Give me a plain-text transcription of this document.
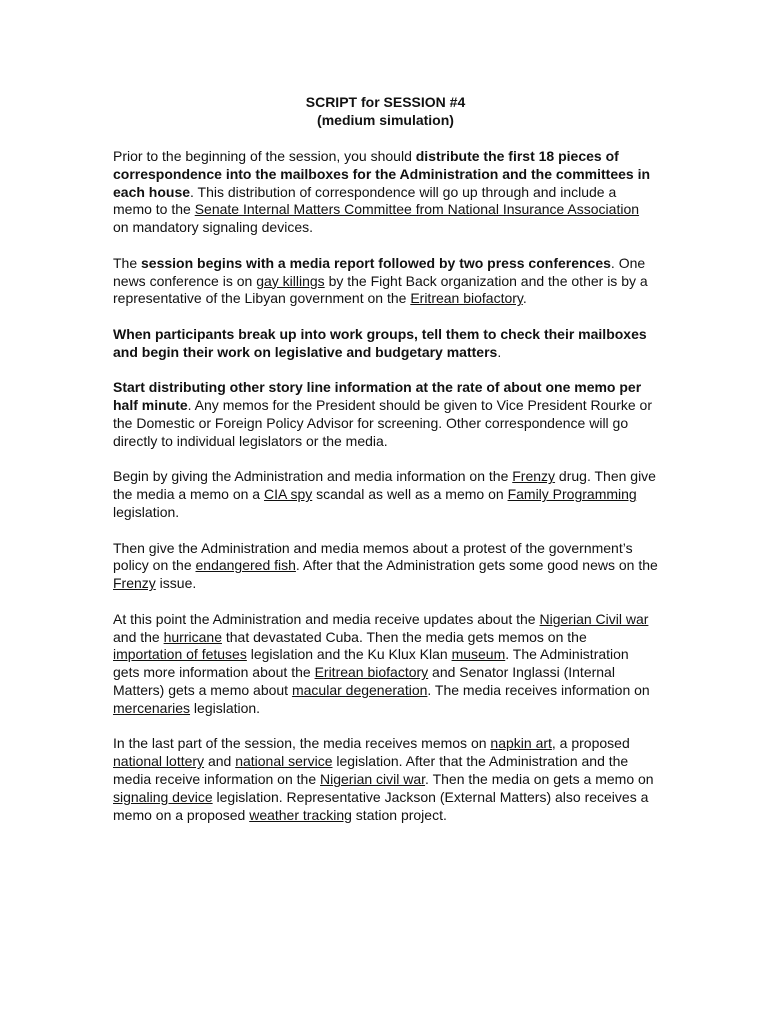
SCRIPT for SESSION #4
(medium simulation)

Prior to the beginning of the session, you should distribute the first 18 pieces of correspondence into the mailboxes for the Administration and the committees in each house. This distribution of correspondence will go up through and include a memo to the Senate Internal Matters Committee from National Insurance Association on mandatory signaling devices.

The session begins with a media report followed by two press conferences. One news conference is on gay killings by the Fight Back organization and the other is by a representative of the Libyan government on the Eritrean biofactory.

When participants break up into work groups, tell them to check their mailboxes and begin their work on legislative and budgetary matters.

Start distributing other story line information at the rate of about one memo per half minute. Any memos for the President should be given to Vice President Rourke or the Domestic or Foreign Policy Advisor for screening. Other correspondence will go directly to individual legislators or the media.

Begin by giving the Administration and media information on the Frenzy drug. Then give the media a memo on a CIA spy scandal as well as a memo on Family Programming legislation.

Then give the Administration and media memos about a protest of the government’s policy on the endangered fish. After that the Administration gets some good news on the Frenzy issue.

At this point the Administration and media receive updates about the Nigerian Civil war and the hurricane that devastated Cuba. Then the media gets memos on the importation of fetuses legislation and the Ku Klux Klan museum. The Administration gets more information about the Eritrean biofactory and Senator Inglassi (Internal Matters) gets a memo about macular degeneration. The media receives information on mercenaries legislation.

In the last part of the session, the media receives memos on napkin art, a proposed national lottery and national service legislation. After that the Administration and the media receive information on the Nigerian civil war. Then the media on gets a memo on signaling device legislation. Representative Jackson (External Matters) also receives a memo on a proposed weather tracking station project.
